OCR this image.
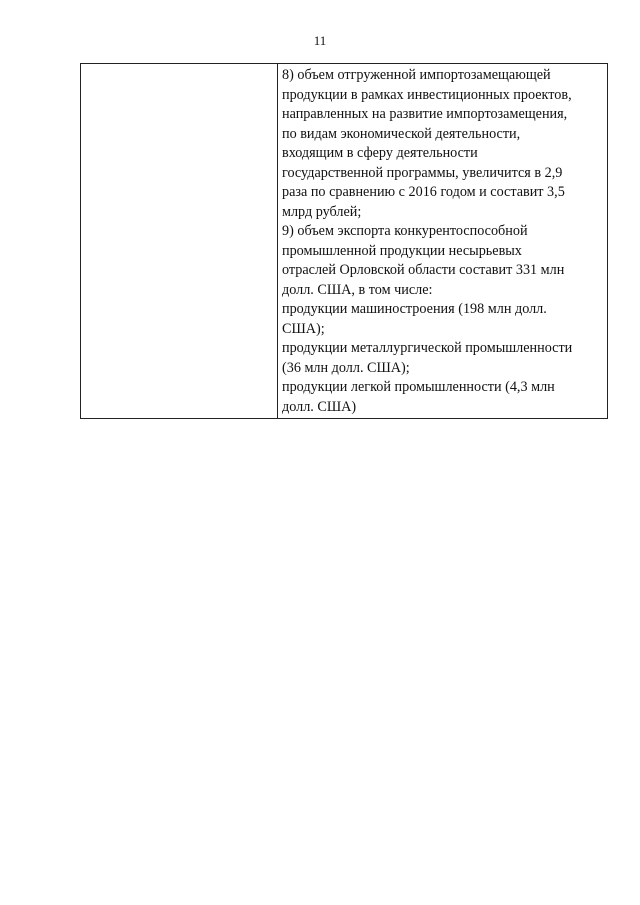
11

8) объем отгруженной импортозамещающей
продукции в рамках инвестиционных проектов,
направленных на развитие импортозамещения,
по видам экономической деятельности,
входящим в сферу деятельности
государственной программы, увеличится в 2,9
раза по сравнению с 2016 годом и составит 3,5
млрд рублей;
9) объем экспорта конкурентоспособной
промышленной продукции несырьевых
отраслей Орловской области составит 331 млн
долл. США, в том числе:
продукции машиностроения (198 млн долл.
США);
продукции металлургической промышленности
(36 млн долл. США);
продукции легкой промышленности (4,3 млн
долл. США)
